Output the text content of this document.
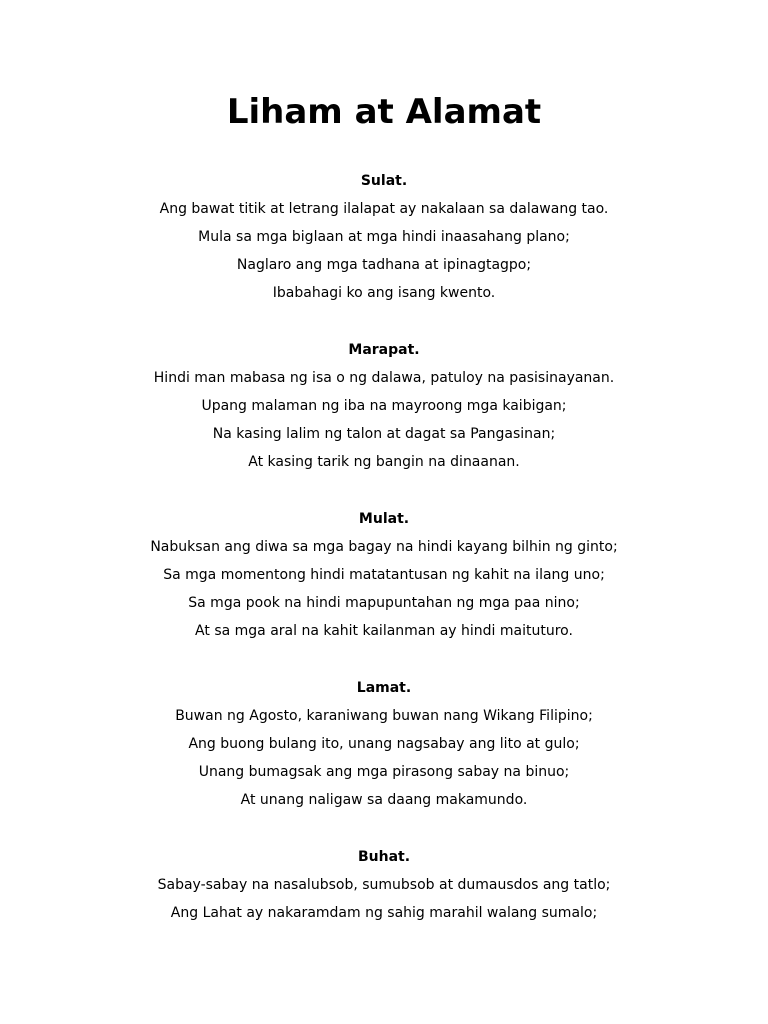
Liham at Alamat

Sulat.

Ang bawat titik at letrang ilalapat ay nakalaan sa dalawang tao.

Mula sa mga biglaan at mga hindi inaasahang plano;

Naglaro ang mga tadhana at ipinagtagpo;

Ibabahagi ko ang isang kwento.

Marapat.

Hindi man mabasa ng isa o ng dalawa, patuloy na pasisinayanan.

Upang malaman ng iba na mayroong mga kaibigan;

Na kasing lalim ng talon at dagat sa Pangasinan;

At kasing tarik ng bangin na dinaanan.

Mulat.

Nabuksan ang diwa sa mga bagay na hindi kayang bilhin ng ginto;

Sa mga momentong hindi matatantusan ng kahit na ilang uno;

Sa mga pook na hindi mapupuntahan ng mga paa nino;

At sa mga aral na kahit kailanman ay hindi maituturo.

Lamat.

Buwan ng Agosto, karaniwang buwan nang Wikang Filipino;

Ang buong bulang ito, unang nagsabay ang lito at gulo;

Unang bumagsak ang mga pirasong sabay na binuo;

At unang naligaw sa daang makamundo.

Buhat.

Sabay-sabay na nasalubsob, sumubsob at dumausdos ang tatlo;

Ang Lahat ay nakaramdam ng sahig marahil walang sumalo;
